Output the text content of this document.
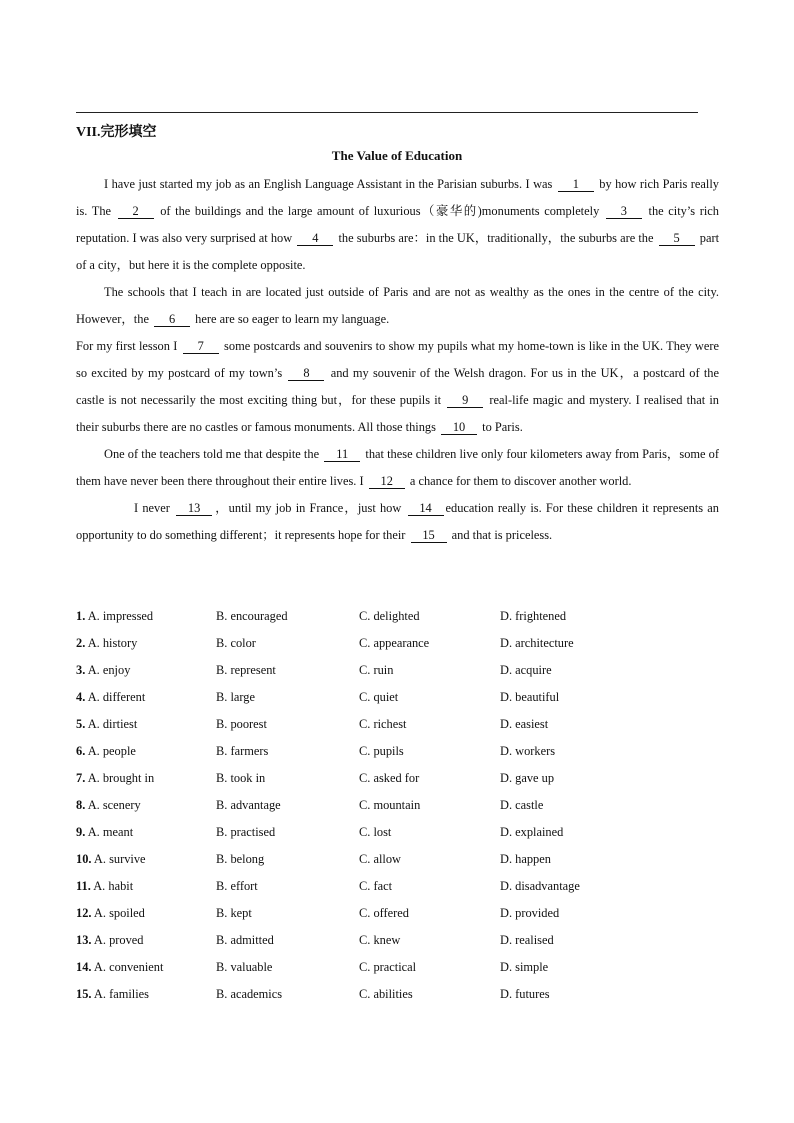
VII.完形填空
The Value of Education

I have just started my job as an English Language Assistant in the Parisian suburbs. I was 1 by how rich Paris really is. The 2 of the buildings and the large amount of luxurious（豪华的)monuments completely 3 the city’s rich reputation. I was also very surprised at how 4 the suburbs are：in the UK，traditionally，the suburbs are the 5 part of a city，but here it is the complete opposite.

The schools that I teach in are located just outside of Paris and are not as wealthy as the ones in the centre of the city. However，the 6 here are so eager to learn my language.

For my first lesson I 7 some postcards and souvenirs to show my pupils what my home-town is like in the UK. They were so excited by my postcard of my town’s 8 and my souvenir of the Welsh dragon. For us in the UK，a postcard of the castle is not necessarily the most exciting thing but，for these pupils it 9 real-life magic and mystery. I realised that in their suburbs there are no castles or famous monuments. All those things 10 to Paris.

One of the teachers told me that despite the 11 that these children live only four kilometers away from Paris，some of them have never been there throughout their entire lives. I 12 a chance for them to discover another world.

I never 13 ，until my job in France，just how 14 education really is. For these children it represents an opportunity to do something different；it represents hope for their 15 and that is priceless.

1. A. impressed	B. encouraged	C. delighted	D. frightened
2. A. history	B. color	C. appearance	D. architecture
3. A. enjoy	B. represent	C. ruin	D. acquire
4. A. different	B. large	C. quiet	D. beautiful
5. A. dirtiest	B. poorest	C. richest	D. easiest
6. A. people	B. farmers	C. pupils	D. workers
7. A. brought in	B. took in	C. asked for	D. gave up
8. A. scenery	B. advantage	C. mountain	D. castle
9. A. meant	B. practised	C. lost	D. explained
10. A. survive	B. belong	C. allow	D. happen
11. A. habit	B. effort	C. fact	D. disadvantage
12. A. spoiled	B. kept	C. offered	D. provided
13. A. proved	B. admitted	C. knew	D. realised
14. A. convenient	B. valuable	C. practical	D. simple
15. A. families	B. academics	C. abilities	D. futures
